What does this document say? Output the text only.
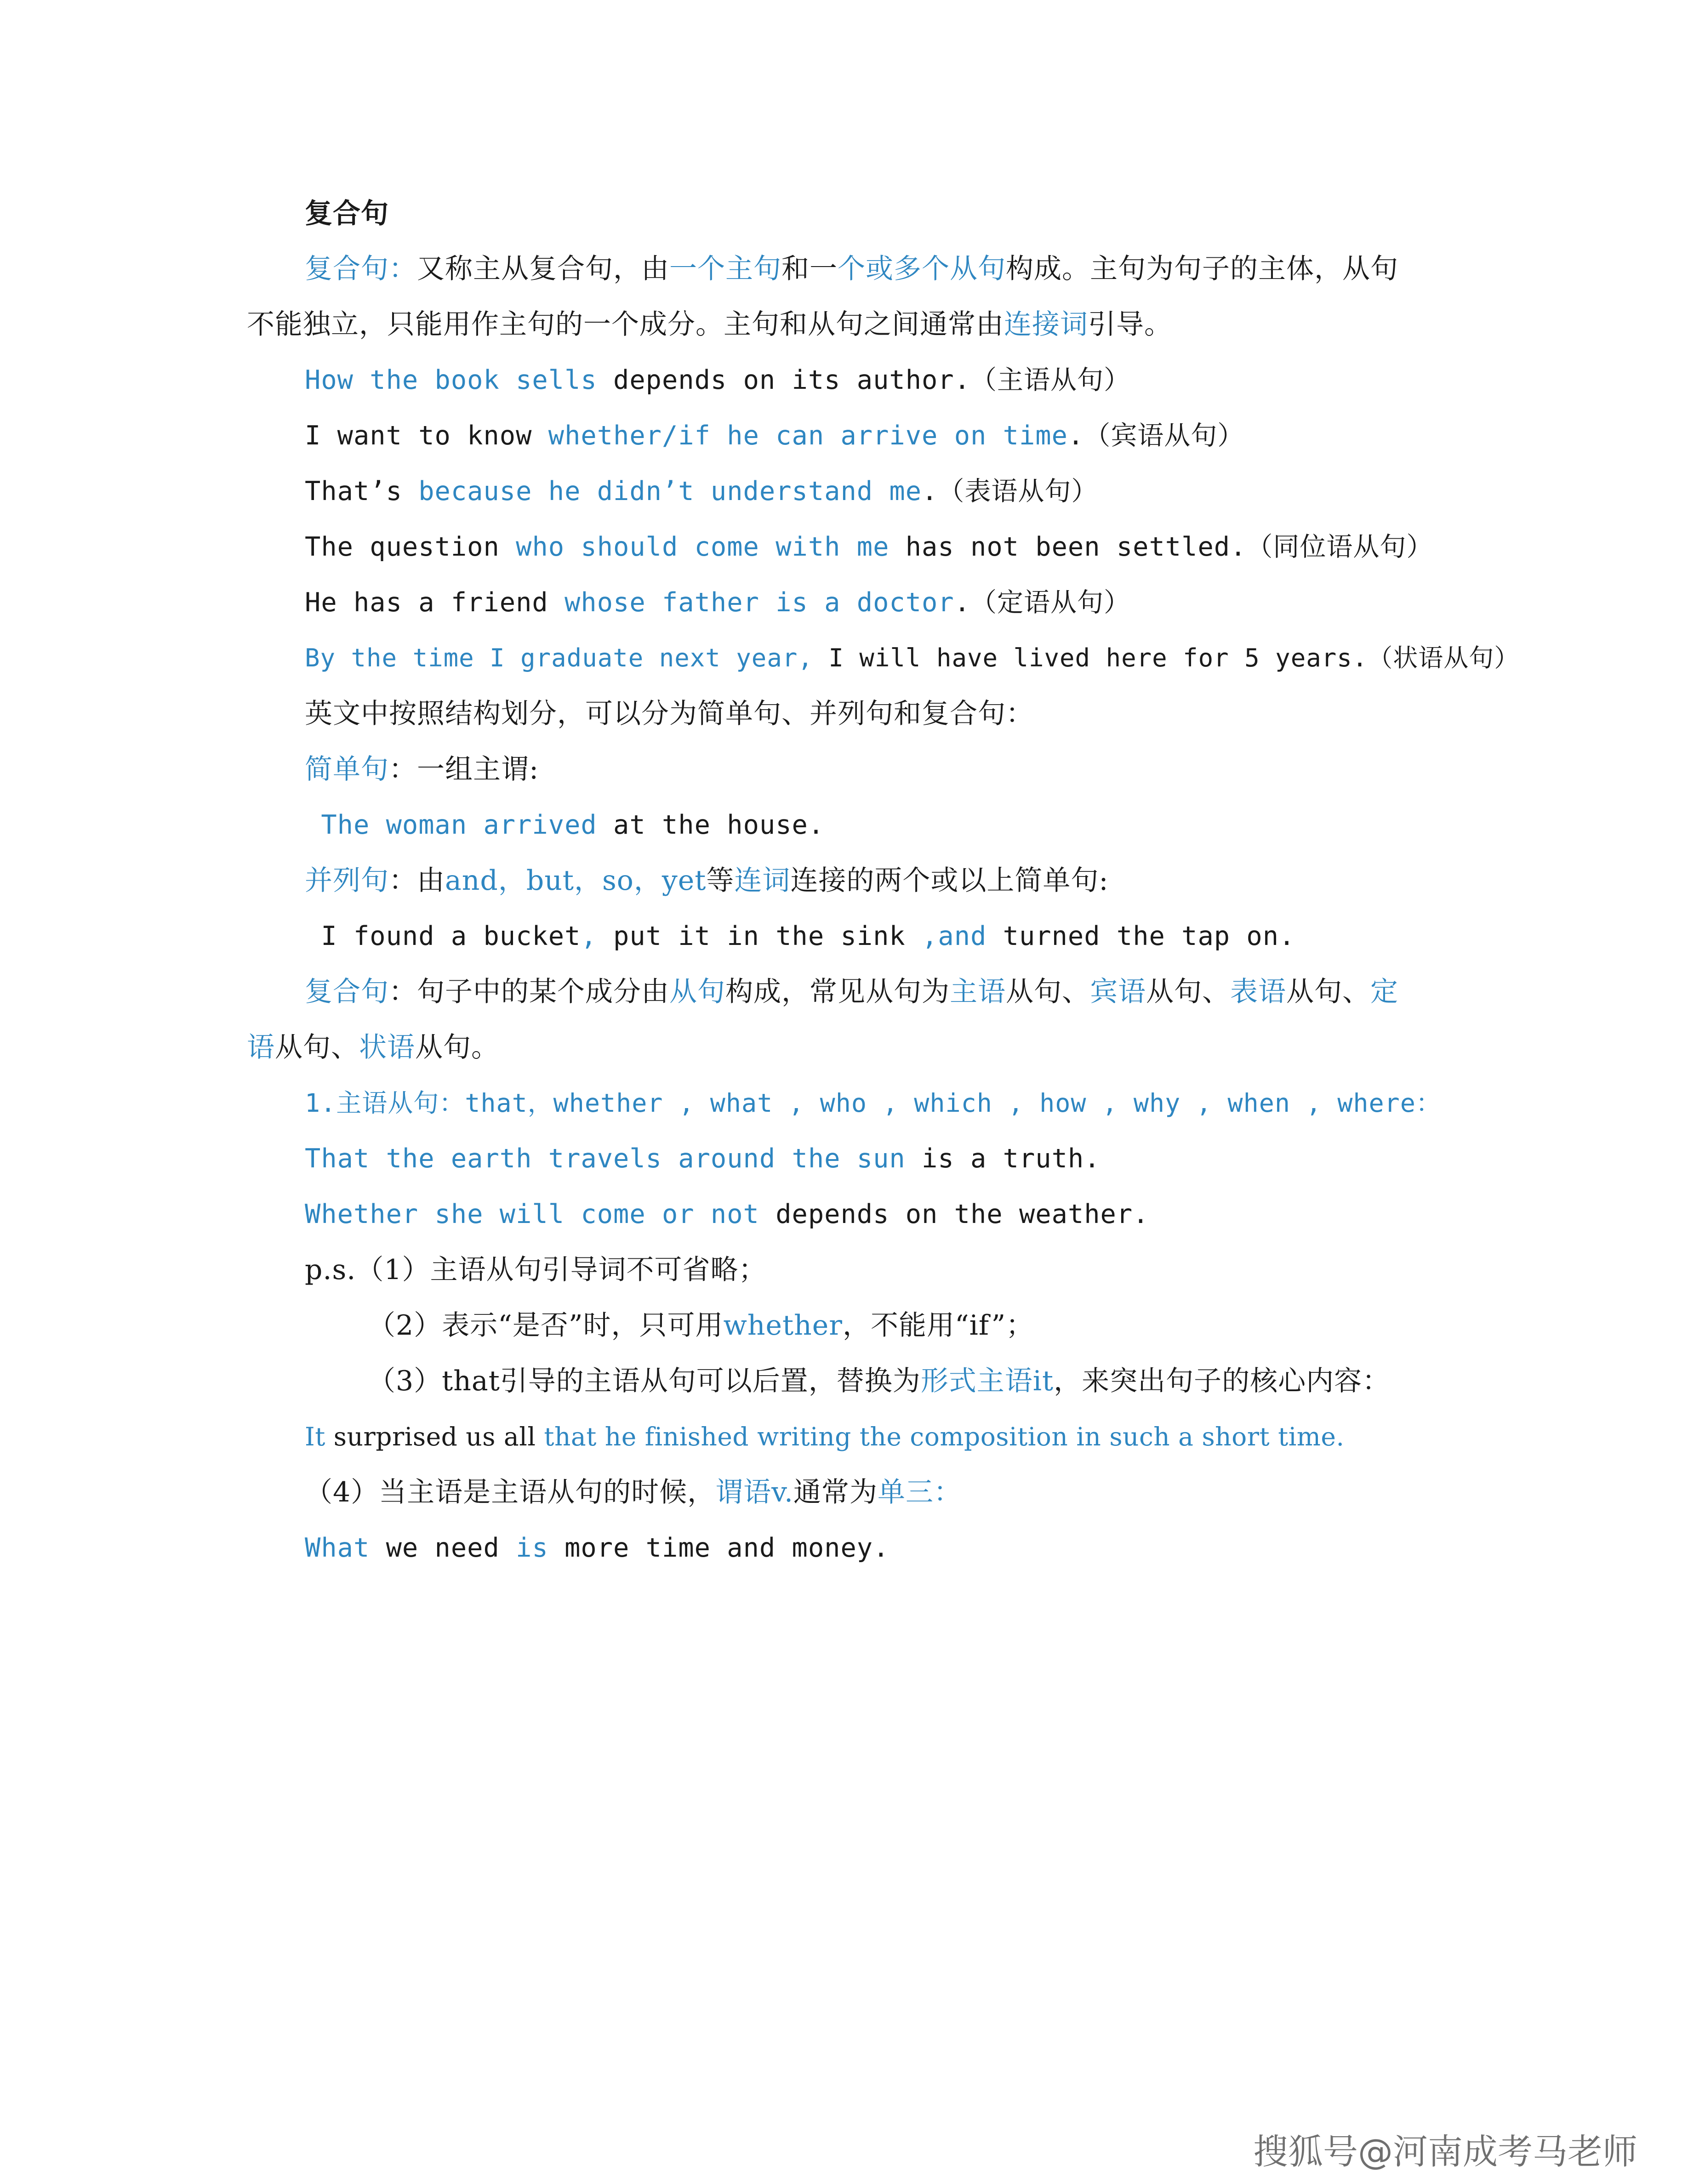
复合句
复合句：又称主从复合句，由一个主句和一个或多个从句构成。主句为句子的主体，从句
不能独立，只能用作主句的一个成分。主句和从句之间通常由连接词引导。
How the book sells depends on its author.（主语从句）
I want to know whether/if he can arrive on time.（宾语从句）
That’s because he didn’t understand me.（表语从句）
The question who should come with me has not been settled.（同位语从句）
He has a friend whose father is a doctor.（定语从句）
By the time I graduate next year, I will have lived here for 5 years.（状语从句）
英文中按照结构划分，可以分为简单句、并列句和复合句：
简单句：一组主谓:
The woman arrived at the house.
并列句：由and，but，so，yet等连词连接的两个或以上简单句:
I found a bucket, put it in the sink ,and turned the tap on.
复合句：句子中的某个成分由从句构成，常见从句为主语从句、宾语从句、表语从句、定
语从句、状语从句。
1.主语从句：that，whether , what , who , which , how , why , when , where：
That the earth travels around the sun is a truth.
Whether she will come or not depends on the weather.
p.s.（1）主语从句引导词不可省略；
（2）表示“是否”时，只可用whether，不能用“if”；
（3）that引导的主语从句可以后置，替换为形式主语it，来突出句子的核心内容：
It surprised us all that he finished writing the composition in such a short time.
（4）当主语是主语从句的时候，谓语v.通常为单三：
What we need is more time and money.
搜狐号@河南成考马老师
